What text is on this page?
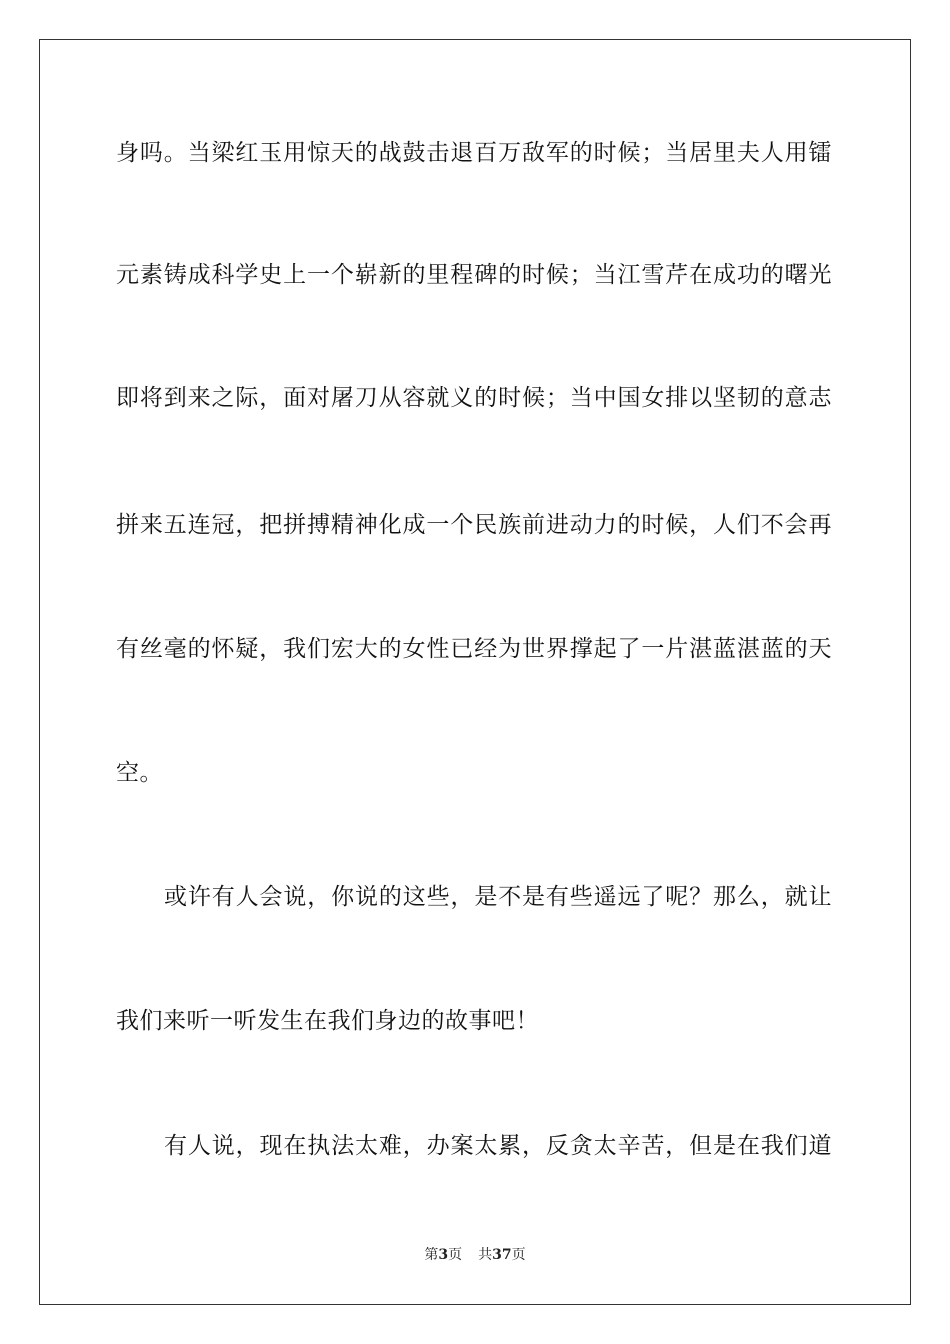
身吗。当梁红玉用惊天的战鼓击退百万敌军的时候；当居里夫人用镭
元素铸成科学史上一个崭新的里程碑的时候；当江雪芹在成功的曙光
即将到来之际，面对屠刀从容就义的时候；当中国女排以坚韧的意志
拼来五连冠，把拼搏精神化成一个民族前进动力的时候，人们不会再
有丝毫的怀疑，我们宏大的女性已经为世界撑起了一片湛蓝湛蓝的天
空。
或许有人会说，你说的这些，是不是有些遥远了呢？那么，就让
我们来听一听发生在我们身边的故事吧！
有人说，现在执法太难，办案太累，反贪太辛苦，但是在我们道
第3页 共37页
